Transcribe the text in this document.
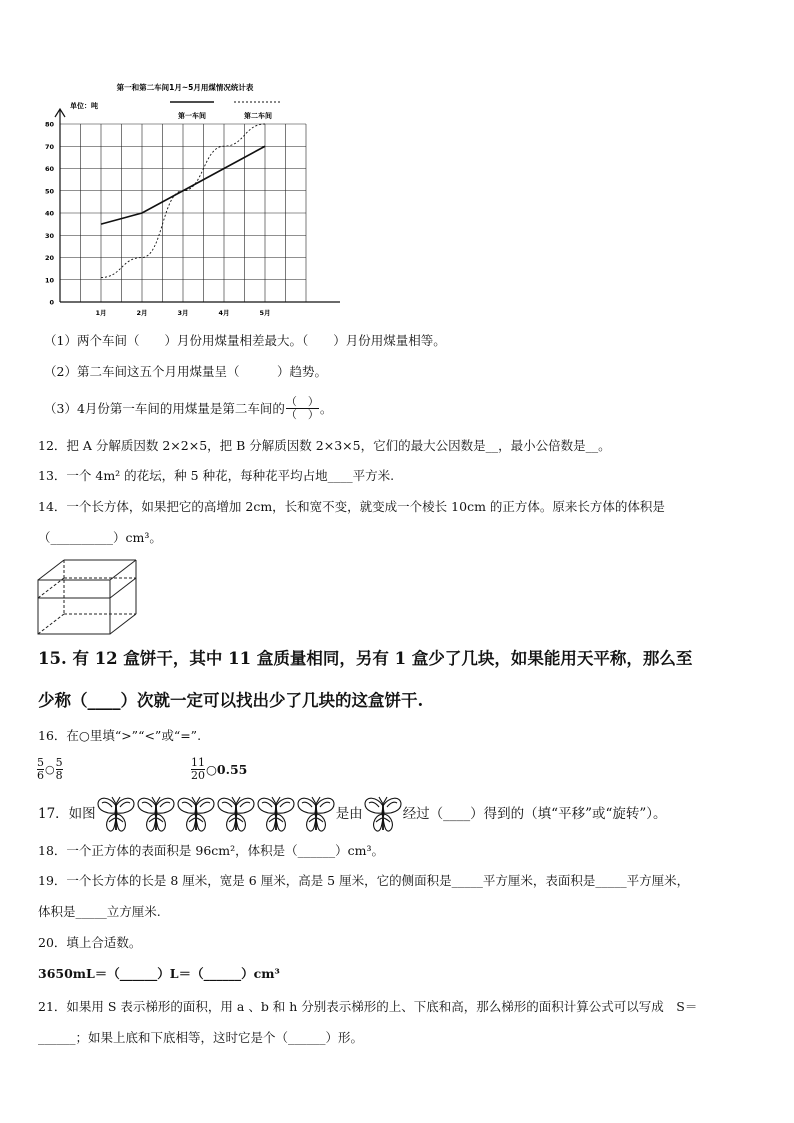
第一和第二车间1月~5月用煤情况统计表
单位：吨
第一车间	第二车间
0
10
20
30
40
50
60
70
80
1月	2月	3月	4月	5月
（1）两个车间（　　）月份用煤量相差最大。（　　）月份用煤量相等。
（2）第二车间这五个月用煤量呈（　　　）趋势。
（3）4月份第一车间的用煤量是第二车间的 $\frac{( )}{( )}$ 。
12．把 A 分解质因数 2×2×5，把 B 分解质因数 2×3×5，它们的最大公因数是__，最小公倍数是__。
13．一个 4m² 的花坛，种 5 种花，每种花平均占地____平方米.
14．一个长方体，如果把它的高增加 2cm，长和宽不变，就变成一个棱长 10cm 的正方体。原来长方体的体积是
（__________）cm³。
15. 有 12 盒饼干，其中 11 盒质量相同，另有 1 盒少了几块，如果能用天平称，那么至
少称（____）次就一定可以找出少了几块的这盒饼干.
16．在○里填“>”“<”或“=”.
$\frac{5}{6}$ ○ $\frac{5}{8}$	$\frac{11}{20}$ ○0.55
17．如图	是由	经过（____）得到的（填“平移”或“旋转”）。
18．一个正方体的表面积是 96cm²，体积是（______）cm³。
19．一个长方体的长是 8 厘米，宽是 6 厘米，高是 5 厘米，它的侧面积是_____平方厘米，表面积是_____平方厘米，
体积是_____立方厘米.
20．填上合适数。
3650mL＝（______）L＝（______）cm³
21．如果用 S 表示梯形的面积，用 a 、b 和 h 分别表示梯形的上、下底和高，那么梯形的面积计算公式可以写成　S＝
______；如果上底和下底相等，这时它是个（______）形。
